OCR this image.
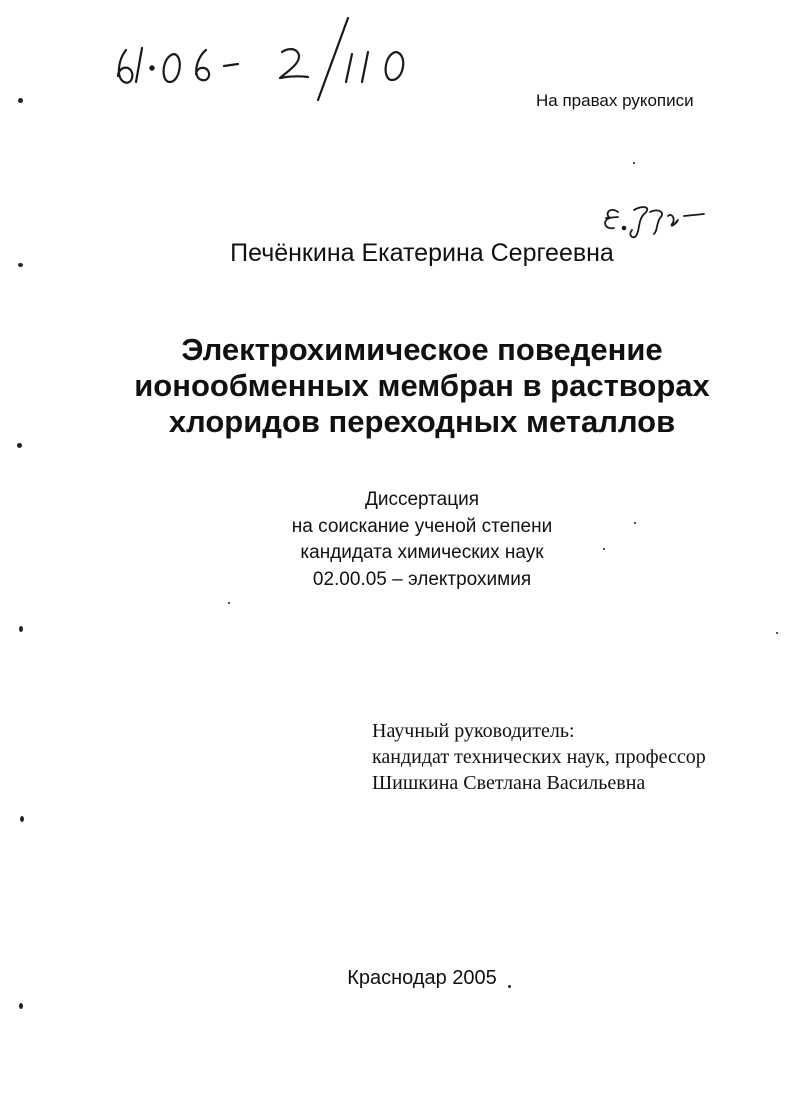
На правах рукописи
Печёнкина Екатерина Сергеевна
Электрохимическое поведение
ионообменных мембран в растворах
хлоридов переходных металлов
Диссертация
на соискание ученой степени
кандидата химических наук
02.00.05 – электрохимия
Научный руководитель:
кандидат технических наук, профессор
Шишкина Светлана Васильевна
Краснодар 2005
